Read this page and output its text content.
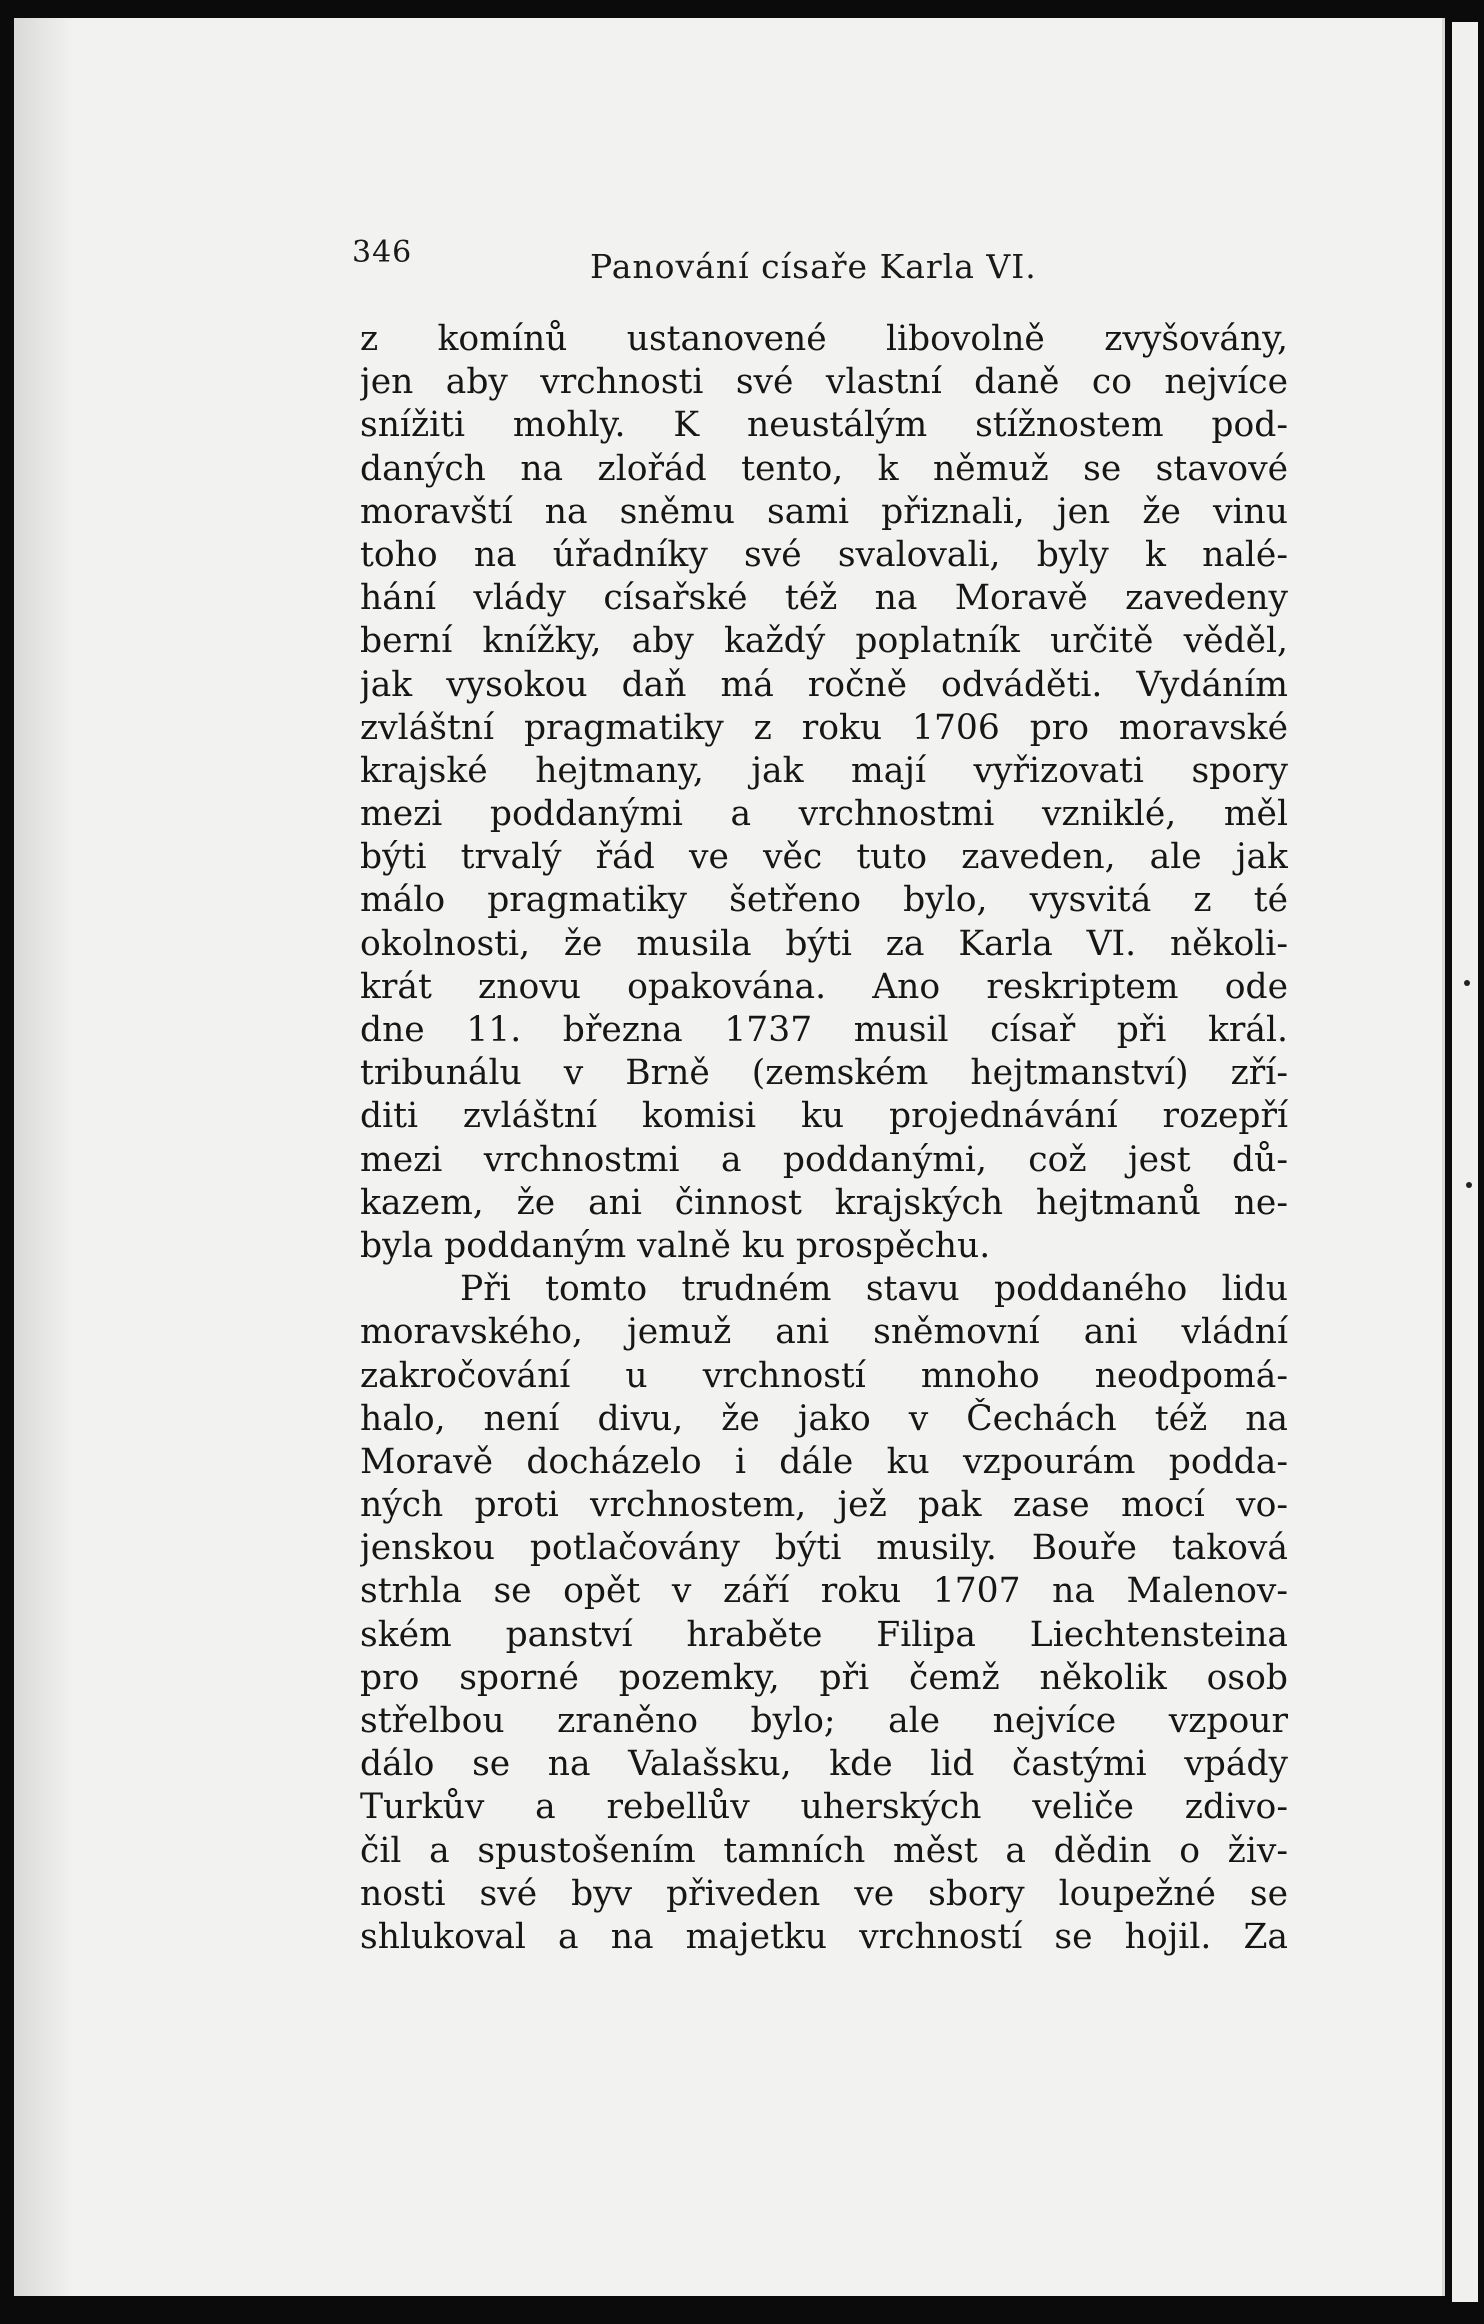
346	Panování císaře Karla VI.
z komínů ustanovené libovolně zvyšovány,
jen aby vrchnosti své vlastní daně co nejvíce
snížiti mohly. K neustálým stížnostem pod-
daných na zlořád tento, k němuž se stavové
moravští na sněmu sami přiznali, jen že vinu
toho na úřadníky své svalovali, byly k nalé-
hání vlády císařské též na Moravě zavedeny
berní knížky, aby každý poplatník určitě věděl,
jak vysokou daň má ročně odváděti. Vydáním
zvláštní pragmatiky z roku 1706 pro moravské
krajské hejtmany, jak mají vyřizovati spory
mezi poddanými a vrchnostmi vzniklé, měl
býti trvalý řád ve věc tuto zaveden, ale jak
málo pragmatiky šetřeno bylo, vysvitá z té
okolnosti, že musila býti za Karla VI. několi-
krát znovu opakována. Ano reskriptem ode
dne 11. března 1737 musil císař při král.
tribunálu v Brně (zemském hejtmanství) zří-
diti zvláštní komisi ku projednávání rozepří
mezi vrchnostmi a poddanými, což jest dů-
kazem, že ani činnost krajských hejtmanů ne-
byla poddaným valně ku prospěchu.
Při tomto trudném stavu poddaného lidu
moravského, jemuž ani sněmovní ani vládní
zakročování u vrchností mnoho neodpomá-
halo, není divu, že jako v Čechách též na
Moravě docházelo i dále ku vzpourám podda-
ných proti vrchnostem, jež pak zase mocí vo-
jenskou potlačovány býti musily. Bouře taková
strhla se opět v září roku 1707 na Malenov-
ském panství hraběte Filipa Liechtensteina
pro sporné pozemky, při čemž několik osob
střelbou zraněno bylo; ale nejvíce vzpour
dálo se na Valašsku, kde lid častými vpády
Turkův a rebellův uherských veliče zdivo-
čil a spustošením tamních měst a dědin o živ-
nosti své byv přiveden ve sbory loupežné se
shlukoval a na majetku vrchností se hojil. Za
